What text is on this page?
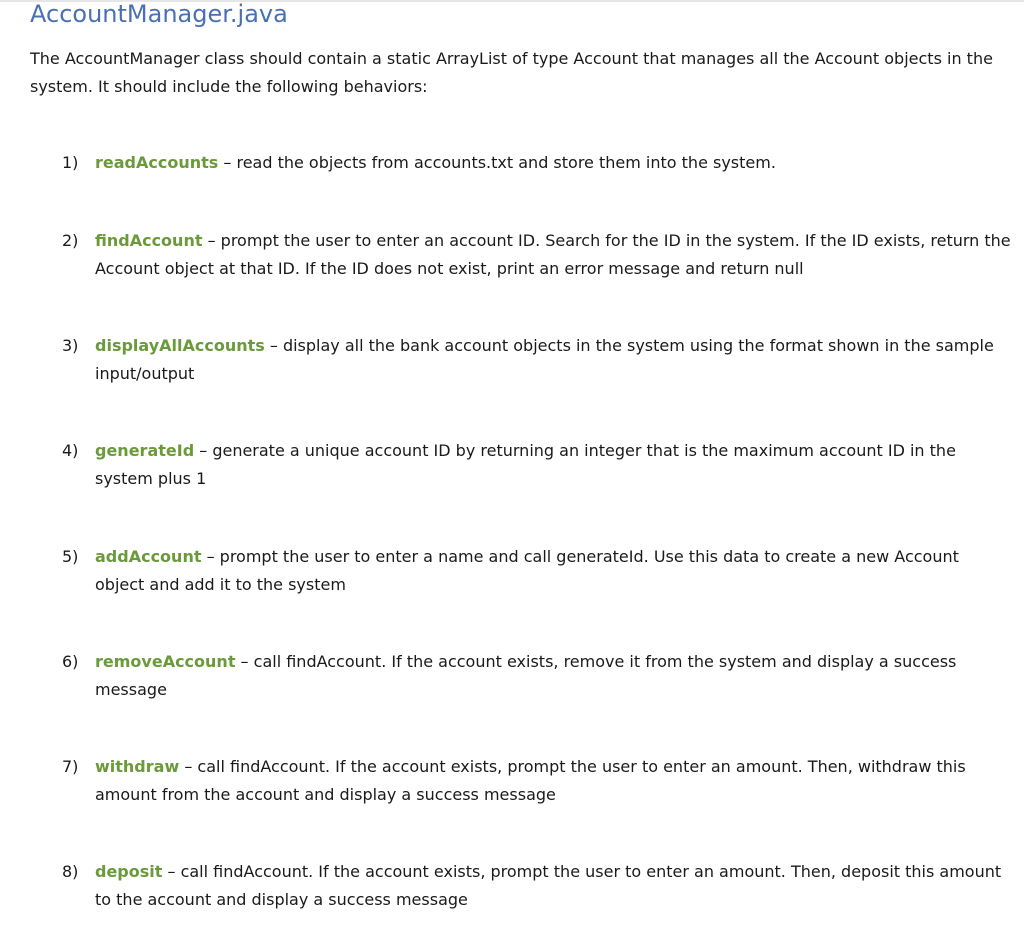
AccountManager.java
The AccountManager class should contain a static ArrayList of type Account that manages all the Account objects in the system. It should include the following behaviors:
1)	readAccounts – read the objects from accounts.txt and store them into the system.
2)	findAccount – prompt the user to enter an account ID. Search for the ID in the system. If the ID exists, return the Account object at that ID. If the ID does not exist, print an error message and return null
3)	displayAllAccounts – display all the bank account objects in the system using the format shown in the sample input/output
4)	generateId – generate a unique account ID by returning an integer that is the maximum account ID in the system plus 1
5)	addAccount – prompt the user to enter a name and call generateId. Use this data to create a new Account object and add it to the system
6)	removeAccount – call findAccount. If the account exists, remove it from the system and display a success message
7)	withdraw – call findAccount. If the account exists, prompt the user to enter an amount. Then, withdraw this amount from the account and display a success message
8)	deposit – call findAccount. If the account exists, prompt the user to enter an amount. Then, deposit this amount to the account and display a success message
